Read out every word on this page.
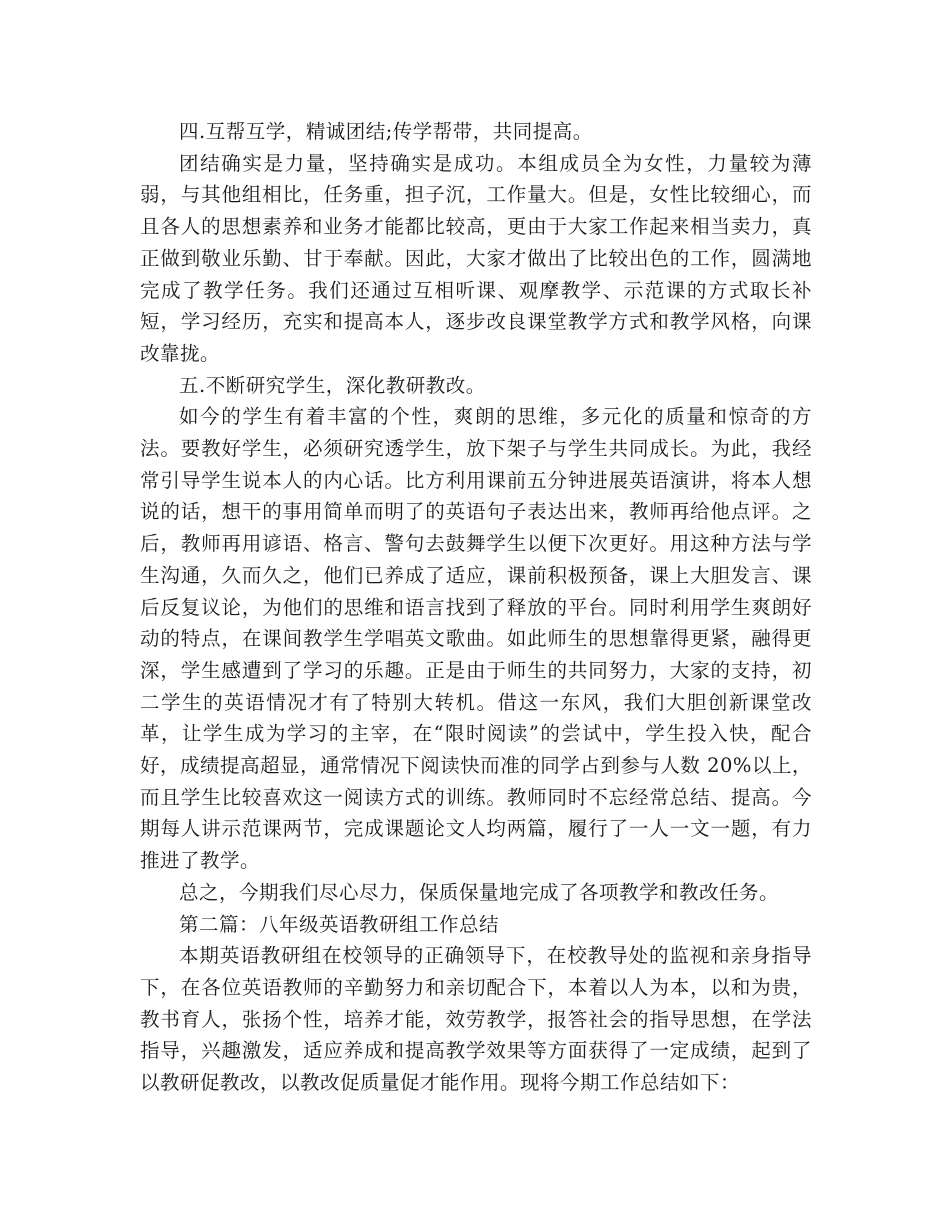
四.互帮互学，精诚团结;传学帮带，共同提高。

团结确实是力量，坚持确实是成功。本组成员全为女性，力量较为薄弱，与其他组相比，任务重，担子沉，工作量大。但是，女性比较细心，而且各人的思想素养和业务才能都比较高，更由于大家工作起来相当卖力，真正做到敬业乐勤、甘于奉献。因此，大家才做出了比较出色的工作，圆满地完成了教学任务。我们还通过互相听课、观摩教学、示范课的方式取长补短，学习经历，充实和提高本人，逐步改良课堂教学方式和教学风格，向课改靠拢。

五.不断研究学生，深化教研教改。

如今的学生有着丰富的个性，爽朗的思维，多元化的质量和惊奇的方法。要教好学生，必须研究透学生，放下架子与学生共同成长。为此，我经常引导学生说本人的内心话。比方利用课前五分钟进展英语演讲，将本人想说的话，想干的事用简单而明了的英语句子表达出来，教师再给他点评。之后，教师再用谚语、格言、警句去鼓舞学生以便下次更好。用这种方法与学生沟通，久而久之，他们已养成了适应，课前积极预备，课上大胆发言、课后反复议论，为他们的思维和语言找到了释放的平台。同时利用学生爽朗好动的特点，在课间教学生学唱英文歌曲。如此师生的思想靠得更紧，融得更深，学生感遭到了学习的乐趣。正是由于师生的共同努力，大家的支持，初二学生的英语情况才有了特别大转机。借这一东风，我们大胆创新课堂改革，让学生成为学习的主宰，在“限时阅读”的尝试中，学生投入快，配合好，成绩提高超显，通常情况下阅读快而准的同学占到参与人数 20%以上，而且学生比较喜欢这一阅读方式的训练。教师同时不忘经常总结、提高。今期每人讲示范课两节，完成课题论文人均两篇，履行了一人一文一题，有力推进了教学。

总之，今期我们尽心尽力，保质保量地完成了各项教学和教改任务。

第二篇：八年级英语教研组工作总结

本期英语教研组在校领导的正确领导下，在校教导处的监视和亲身指导下，在各位英语教师的辛勤努力和亲切配合下，本着以人为本，以和为贵，教书育人，张扬个性，培养才能，效劳教学，报答社会的指导思想，在学法指导，兴趣激发，适应养成和提高教学效果等方面获得了一定成绩，起到了以教研促教改，以教改促质量促才能作用。现将今期工作总结如下：
